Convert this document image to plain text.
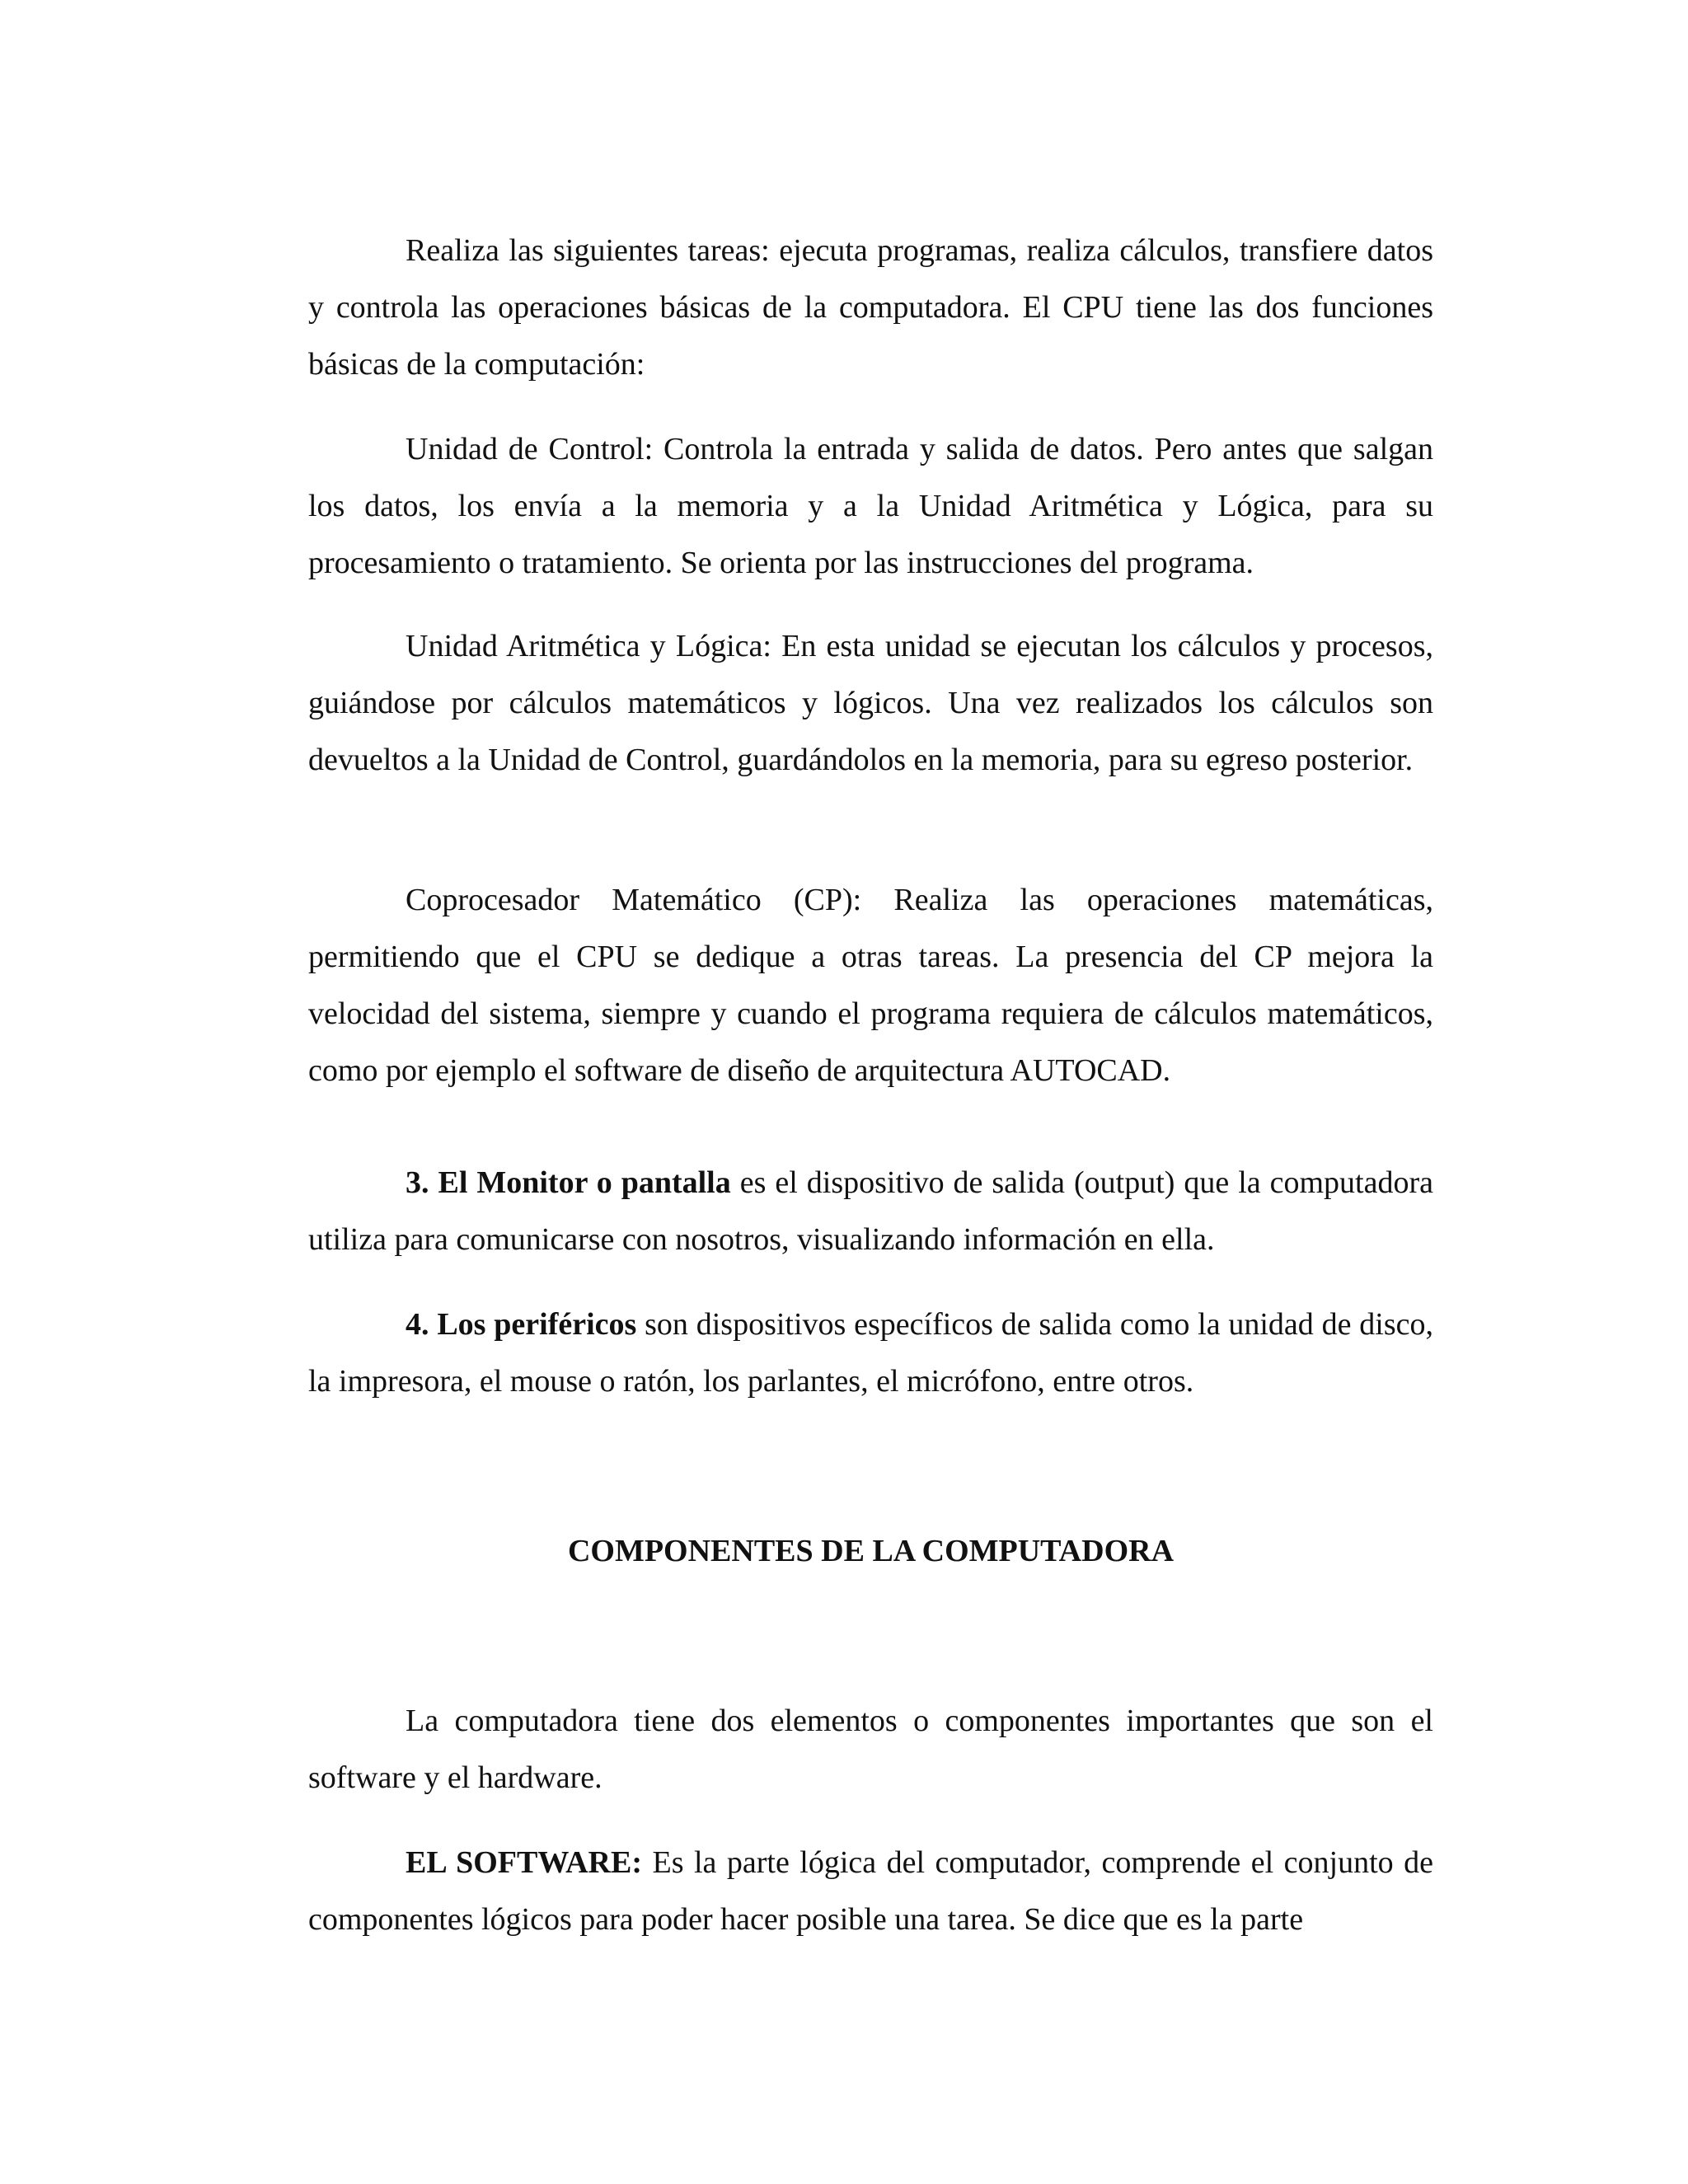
Realiza las siguientes tareas: ejecuta programas, realiza cálculos, transfiere datos y controla las operaciones básicas de la computadora. El CPU tiene las dos funciones básicas de la computación:

Unidad de Control: Controla la entrada y salida de datos. Pero antes que salgan los datos, los envía a la memoria y a la Unidad Aritmética y Lógica, para su procesamiento o tratamiento. Se orienta por las instrucciones del programa.

Unidad Aritmética y Lógica: En esta unidad se ejecutan los cálculos y procesos, guiándose por cálculos matemáticos y lógicos. Una vez realizados los cálculos son devueltos a la Unidad de Control, guardándolos en la memoria, para su egreso posterior.

Coprocesador Matemático (CP): Realiza las operaciones matemáticas, permitiendo que el CPU se dedique a otras tareas. La presencia del CP mejora la velocidad del sistema, siempre y cuando el programa requiera de cálculos matemáticos, como por ejemplo el software de diseño de arquitectura AUTOCAD.

3. El Monitor o pantalla es el dispositivo de salida (output) que la computadora utiliza para comunicarse con nosotros, visualizando información en ella.

4. Los periféricos son dispositivos específicos de salida como la unidad de disco, la impresora, el mouse o ratón, los parlantes, el micrófono, entre otros.

COMPONENTES DE LA COMPUTADORA

La computadora tiene dos elementos o componentes importantes que son el software y el hardware.

EL SOFTWARE: Es la parte lógica del computador, comprende el conjunto de componentes lógicos para poder hacer posible una tarea. Se dice que es la parte
